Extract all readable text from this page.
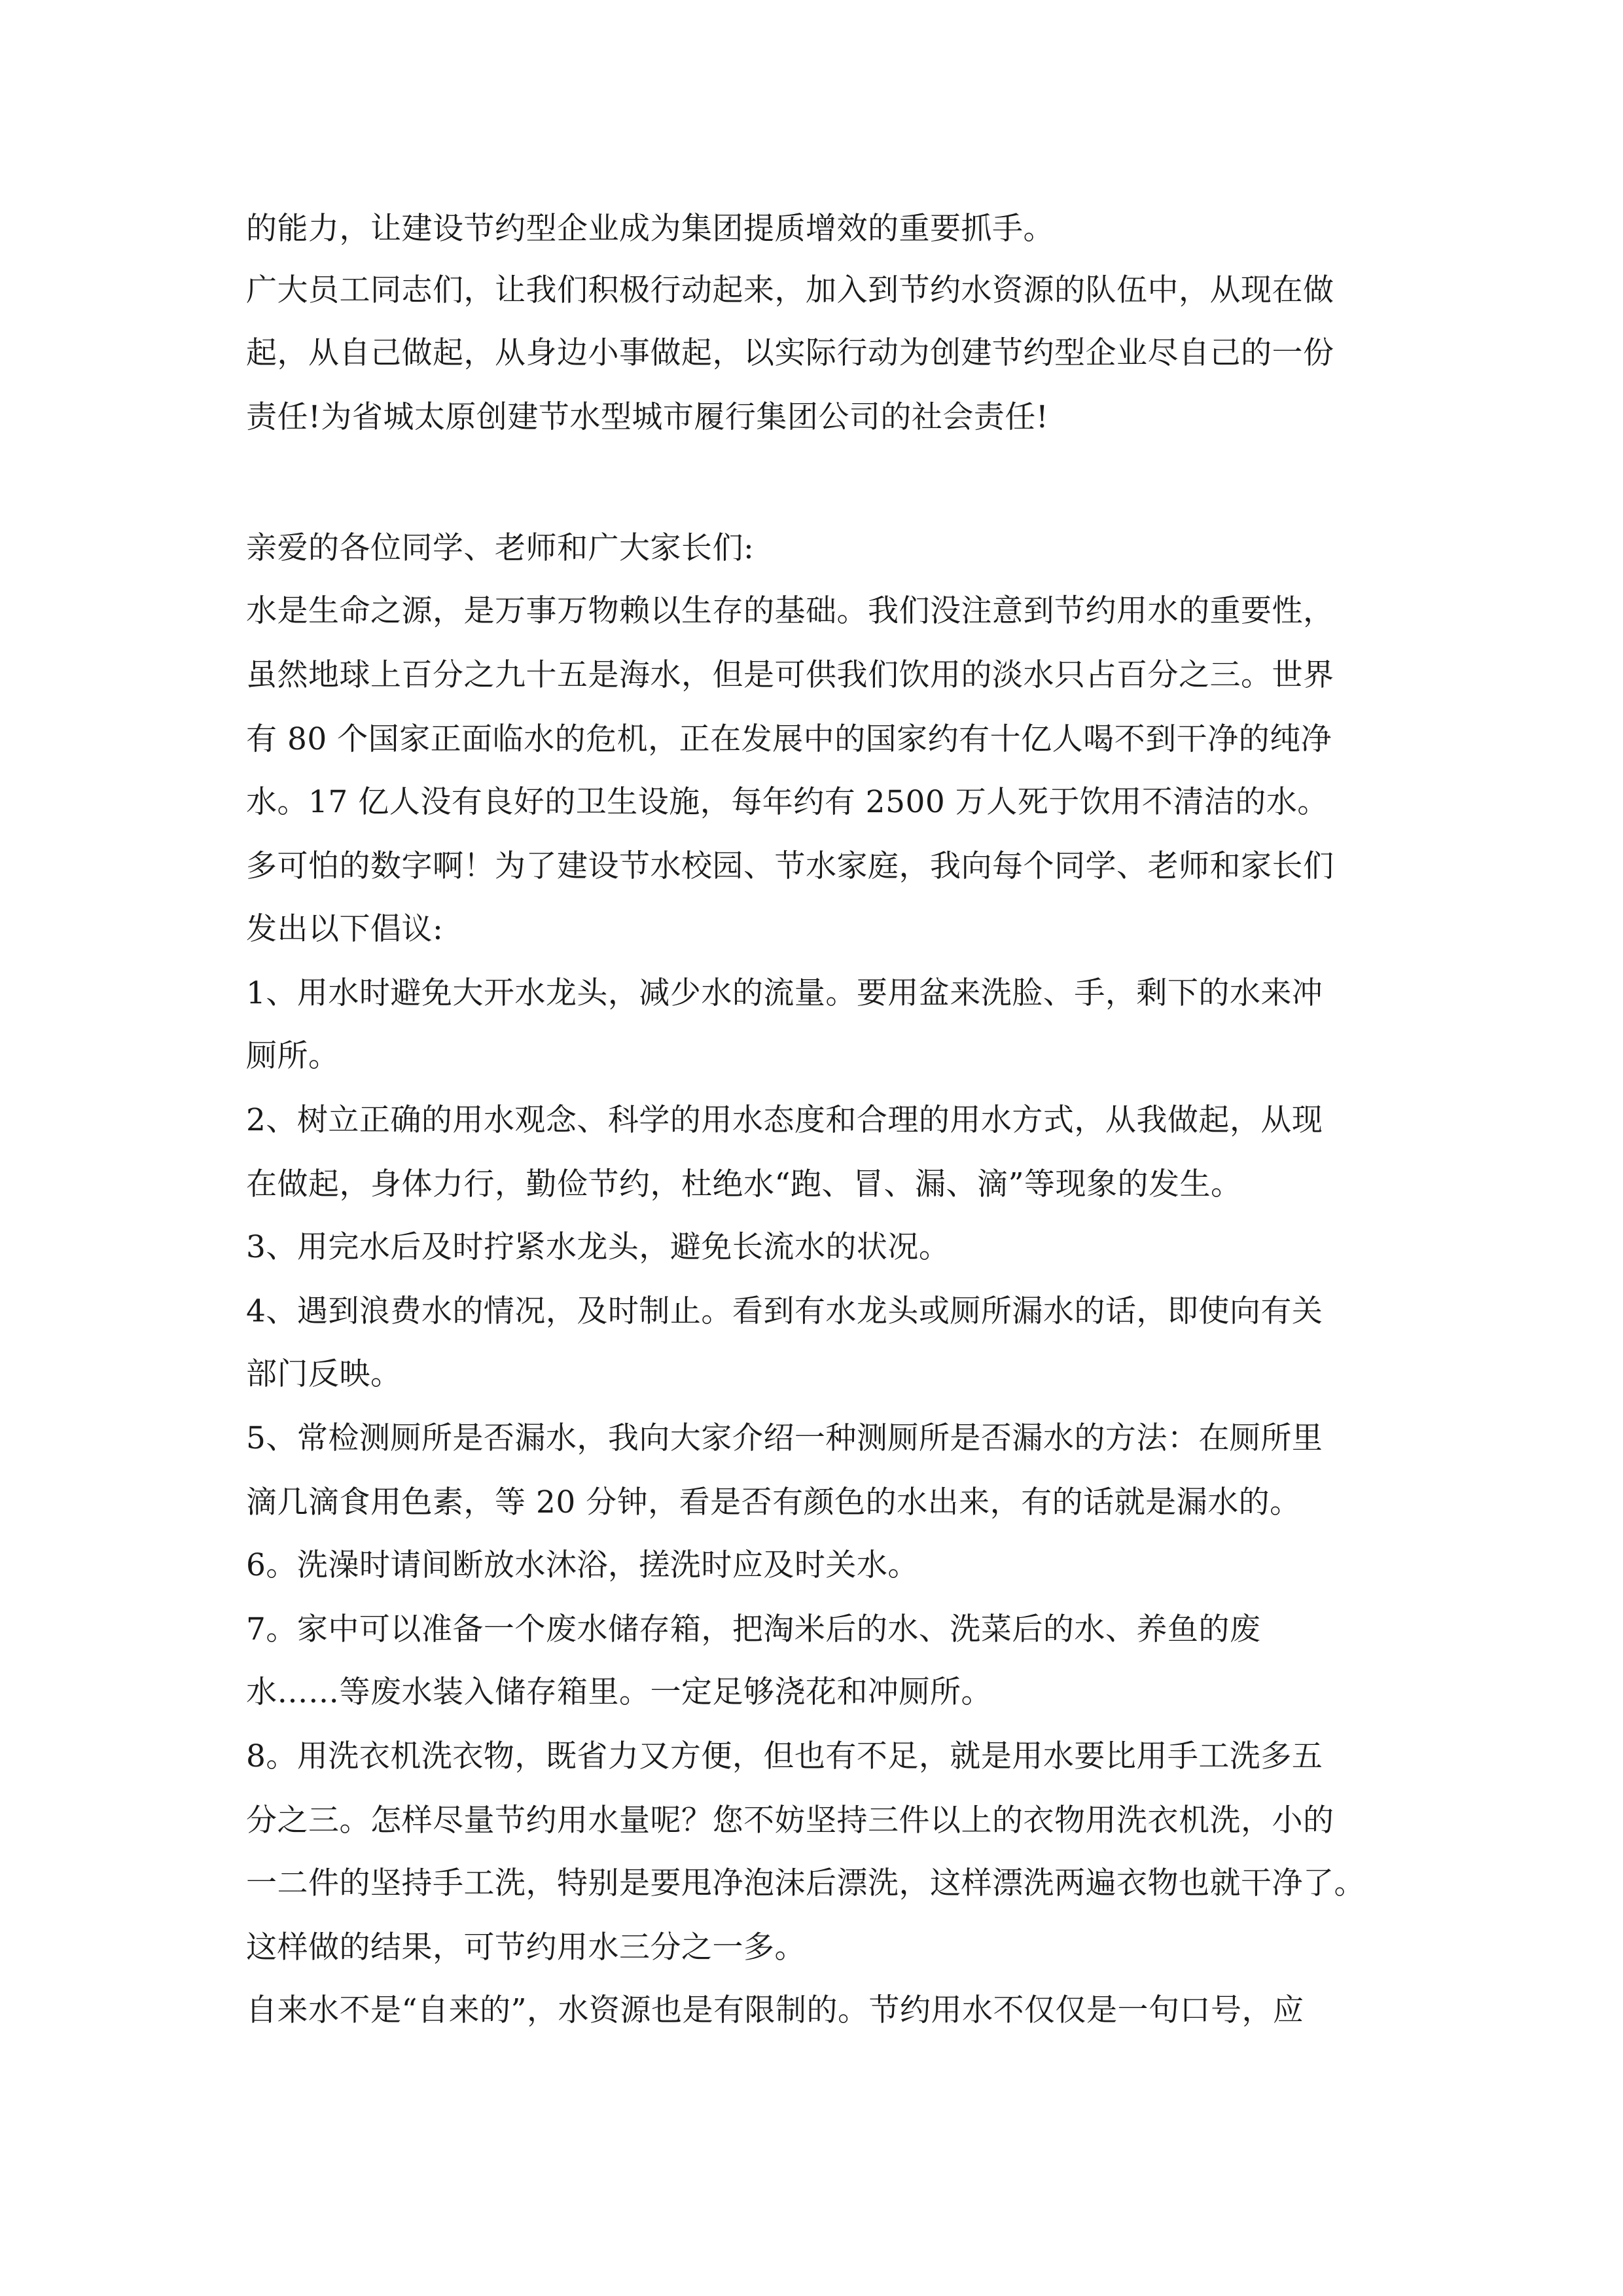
的能力，让建设节约型企业成为集团提质增效的重要抓手。
广大员工同志们，让我们积极行动起来，加入到节约水资源的队伍中，从现在做
起，从自己做起，从身边小事做起，以实际行动为创建节约型企业尽自己的一份
责任!为省城太原创建节水型城市履行集团公司的社会责任!
亲爱的各位同学、老师和广大家长们:
水是生命之源，是万事万物赖以生存的基础。我们没注意到节约用水的重要性，
虽然地球上百分之九十五是海水，但是可供我们饮用的淡水只占百分之三。世界
有 80 个国家正面临水的危机，正在发展中的国家约有十亿人喝不到干净的纯净
水。17 亿人没有良好的卫生设施，每年约有 2500 万人死于饮用不清洁的水。
多可怕的数字啊！为了建设节水校园、节水家庭，我向每个同学、老师和家长们
发出以下倡议:
1、用水时避免大开水龙头，减少水的流量。要用盆来洗脸、手，剩下的水来冲
厕所。
2、树立正确的用水观念、科学的用水态度和合理的用水方式，从我做起，从现
在做起，身体力行，勤俭节约，杜绝水“跑、冒、漏、滴”等现象的发生。
3、用完水后及时拧紧水龙头，避免长流水的状况。
4、遇到浪费水的情况，及时制止。看到有水龙头或厕所漏水的话，即使向有关
部门反映。
5、常检测厕所是否漏水，我向大家介绍一种测厕所是否漏水的方法：在厕所里
滴几滴食用色素，等 20 分钟，看是否有颜色的水出来，有的话就是漏水的。
6。洗澡时请间断放水沐浴，搓洗时应及时关水。
7。家中可以准备一个废水储存箱，把淘米后的水、洗菜后的水、养鱼的废
水……等废水装入储存箱里。一定足够浇花和冲厕所。
8。用洗衣机洗衣物，既省力又方便，但也有不足，就是用水要比用手工洗多五
分之三。怎样尽量节约用水量呢？您不妨坚持三件以上的衣物用洗衣机洗，小的
一二件的坚持手工洗，特别是要甩净泡沫后漂洗，这样漂洗两遍衣物也就干净了。
这样做的结果，可节约用水三分之一多。
自来水不是“自来的”，水资源也是有限制的。节约用水不仅仅是一句口号，应
